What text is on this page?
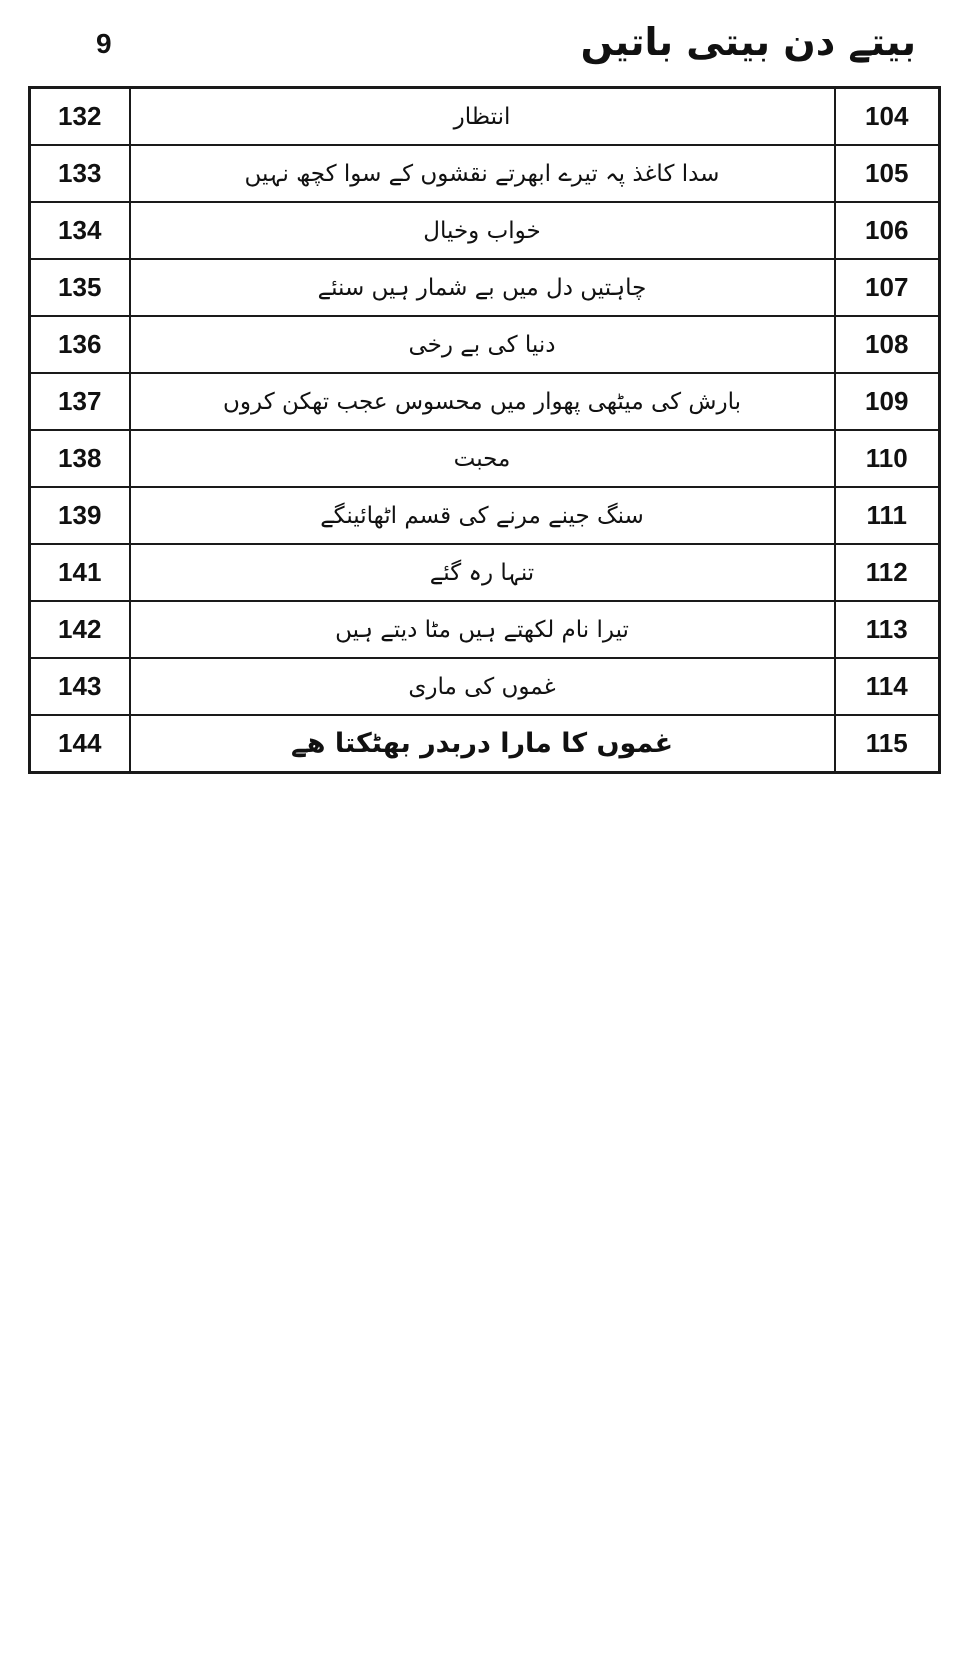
9	بیتے دن بیتی باتیں
132	انتظار	104
133	سدا کاغذ پہ تیرے ابھرتے نقشوں کے سوا کچھ نہیں	105
134	خواب وخیال	106
135	چاہتیں دل میں بے شمار ہیں سنئے	107
136	دنیا کی بے رخی	108
137	بارش کی میٹھی پھوار میں محسوس عجب تھکن کروں	109
138	محبت	110
139	سنگ جینے مرنے کی قسم اٹھائینگے	111
141	تنہا رہ گئے	112
142	تیرا نام لکھتے ہیں مٹا دیتے ہیں	113
143	غموں کی ماری	114
144	غموں کا مارا دربدر بھٹکتا ھے	115
